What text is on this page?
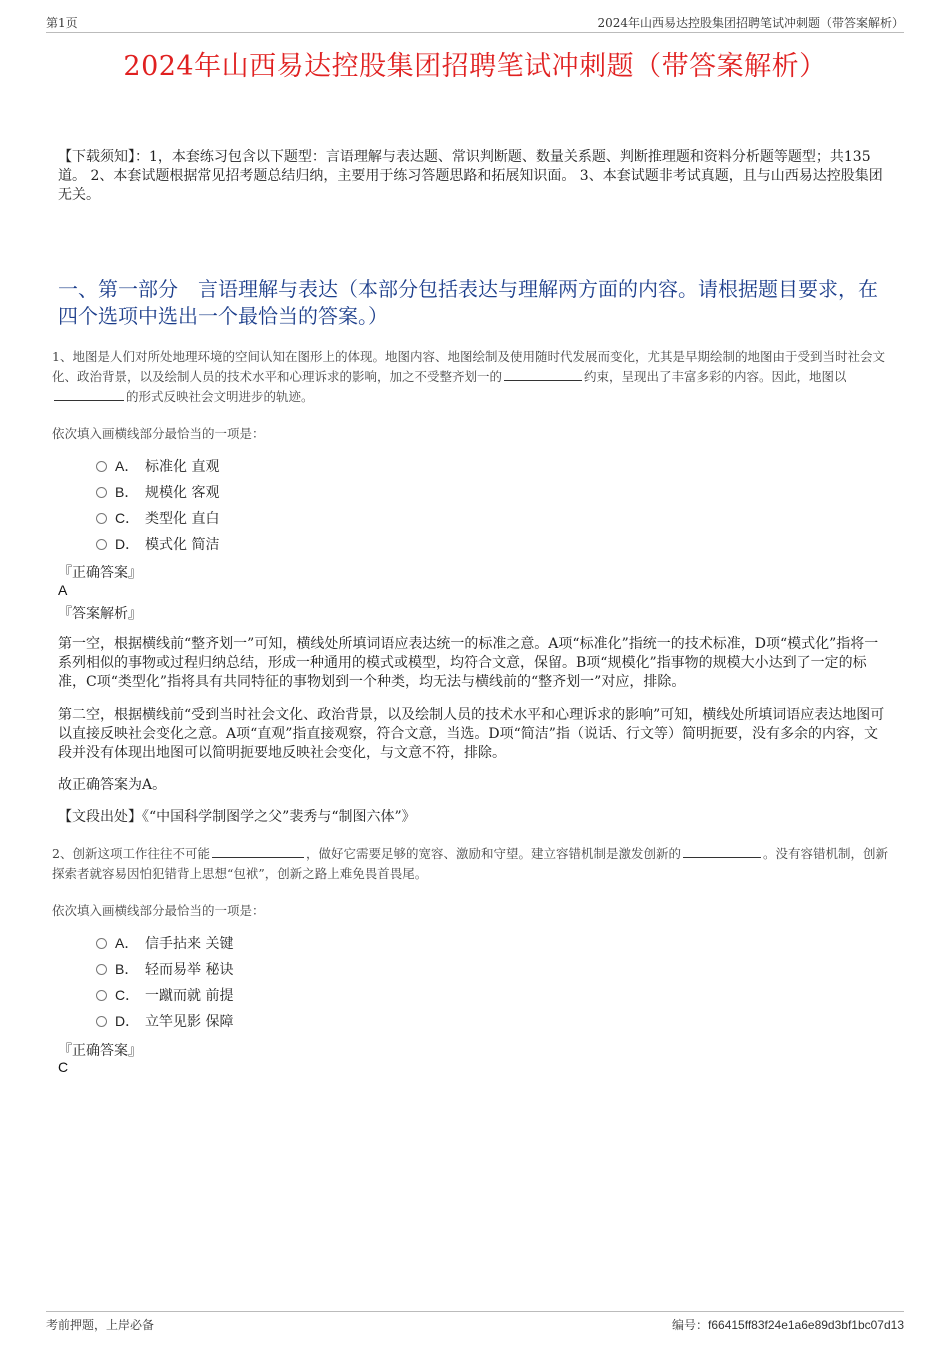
第1页	2024年山西易达控股集团招聘笔试冲刺题（带答案解析）
2024年山西易达控股集团招聘笔试冲刺题（带答案解析）
【下载须知】：1，本套练习包含以下题型：言语理解与表达题、常识判断题、数量关系题、判断推理题和资料分析题等题型；共135道。 2、本套试题根据常见招考题总结归纳，主要用于练习答题思路和拓展知识面。 3、本套试题非考试真题，且与山西易达控股集团无关。
一、第一部分　言语理解与表达（本部分包括表达与理解两方面的内容。请根据题目要求，在四个选项中选出一个最恰当的答案。）
1、地图是人们对所处地理环境的空间认知在图形上的体现。地图内容、地图绘制及使用随时代发展而变化，尤其是早期绘制的地图由于受到当时社会文化、政治背景，以及绘制人员的技术水平和心理诉求的影响，加之不受整齐划一的	约束，呈现出了丰富多彩的内容。因此，地图以的形式反映社会文明进步的轨迹。
依次填入画横线部分最恰当的一项是：
A． 标准化 直观
B． 规模化 客观
C． 类型化 直白
D． 模式化 简洁
『正确答案』
A
『答案解析』
第一空，根据横线前“整齐划一”可知，横线处所填词语应表达统一的标准之意。A项“标准化”指统一的技术标准，D项“模式化”指将一系列相似的事物或过程归纳总结，形成一种通用的模式或模型，均符合文意，保留。B项“规模化”指事物的规模大小达到了一定的标准，C项“类型化”指将具有共同特征的事物划到一个种类，均无法与横线前的“整齐划一”对应，排除。
第二空，根据横线前“受到当时社会文化、政治背景，以及绘制人员的技术水平和心理诉求的影响”可知，横线处所填词语应表达地图可以直接反映社会变化之意。A项“直观”指直接观察，符合文意，当选。D项“简洁”指（说话、行文等）简明扼要，没有多余的内容，文段并没有体现出地图可以简明扼要地反映社会变化，与文意不符，排除。
故正确答案为A。
【文段出处】《“中国科学制图学之父”裴秀与“制图六体”》
2、创新这项工作往往不可能	，做好它需要足够的宽容、激励和守望。建立容错机制是激发创新的	。没有容错机制，创新探索者就容易因怕犯错背上思想“包袱”，创新之路上难免畏首畏尾。
依次填入画横线部分最恰当的一项是：
A． 信手拈来 关键
B． 轻而易举 秘诀
C． 一蹴而就 前提
D． 立竿见影 保障
『正确答案』
C
考前押题，上岸必备	编号：f66415ff83f24e1a6e89d3bf1bc07d13
